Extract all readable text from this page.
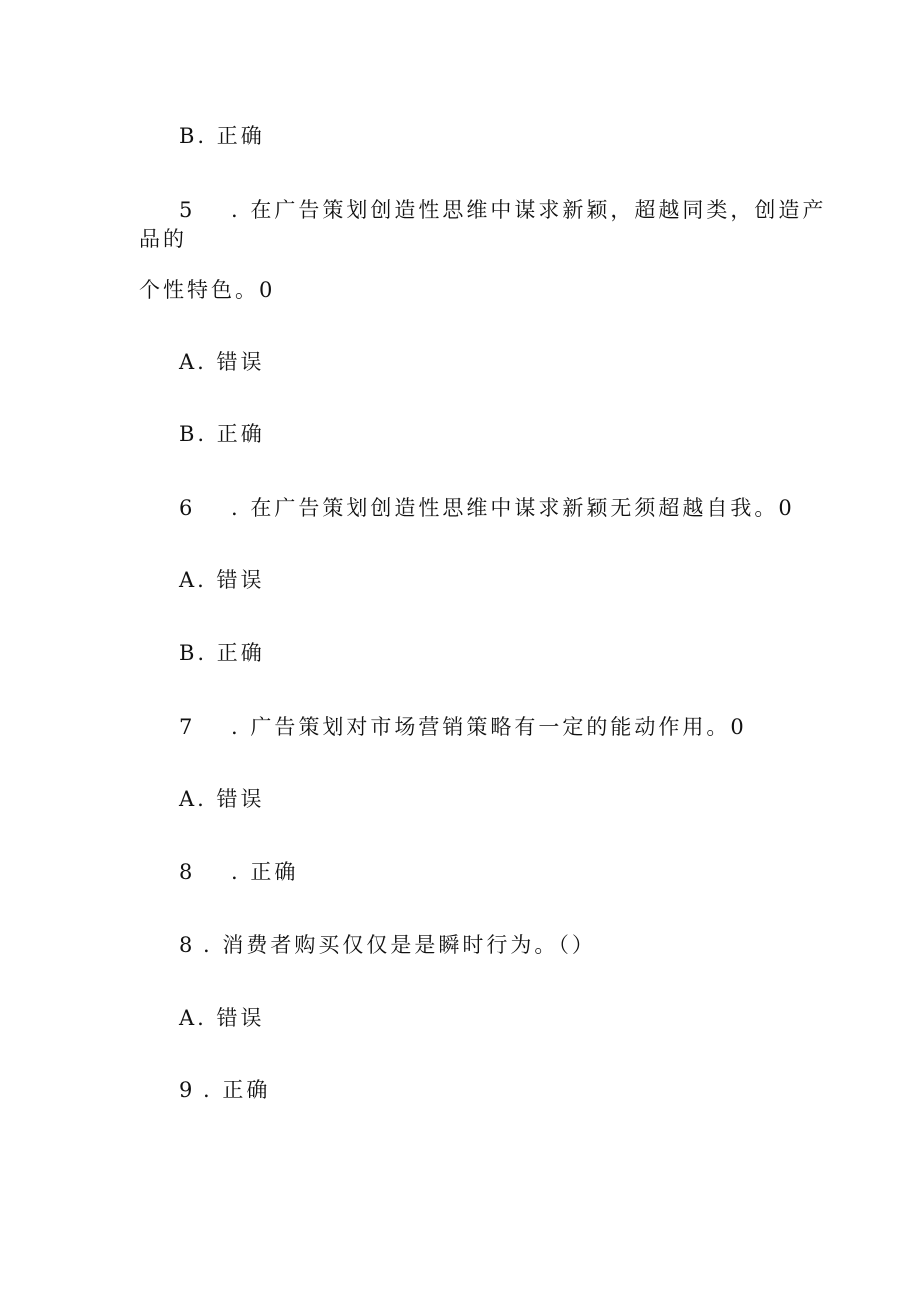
B. 正确
5 . 在广告策划创造性思维中谋求新颖，超越同类，创造产
品的
个性特色。0
A. 错误
B. 正确
6 . 在广告策划创造性思维中谋求新颖无须超越自我。0
A. 错误
B. 正确
7 . 广告策划对市场营销策略有一定的能动作用。0
A. 错误
8 . 正确
8 . 消费者购买仅仅是是瞬时行为。（）
A. 错误
9 . 正确
